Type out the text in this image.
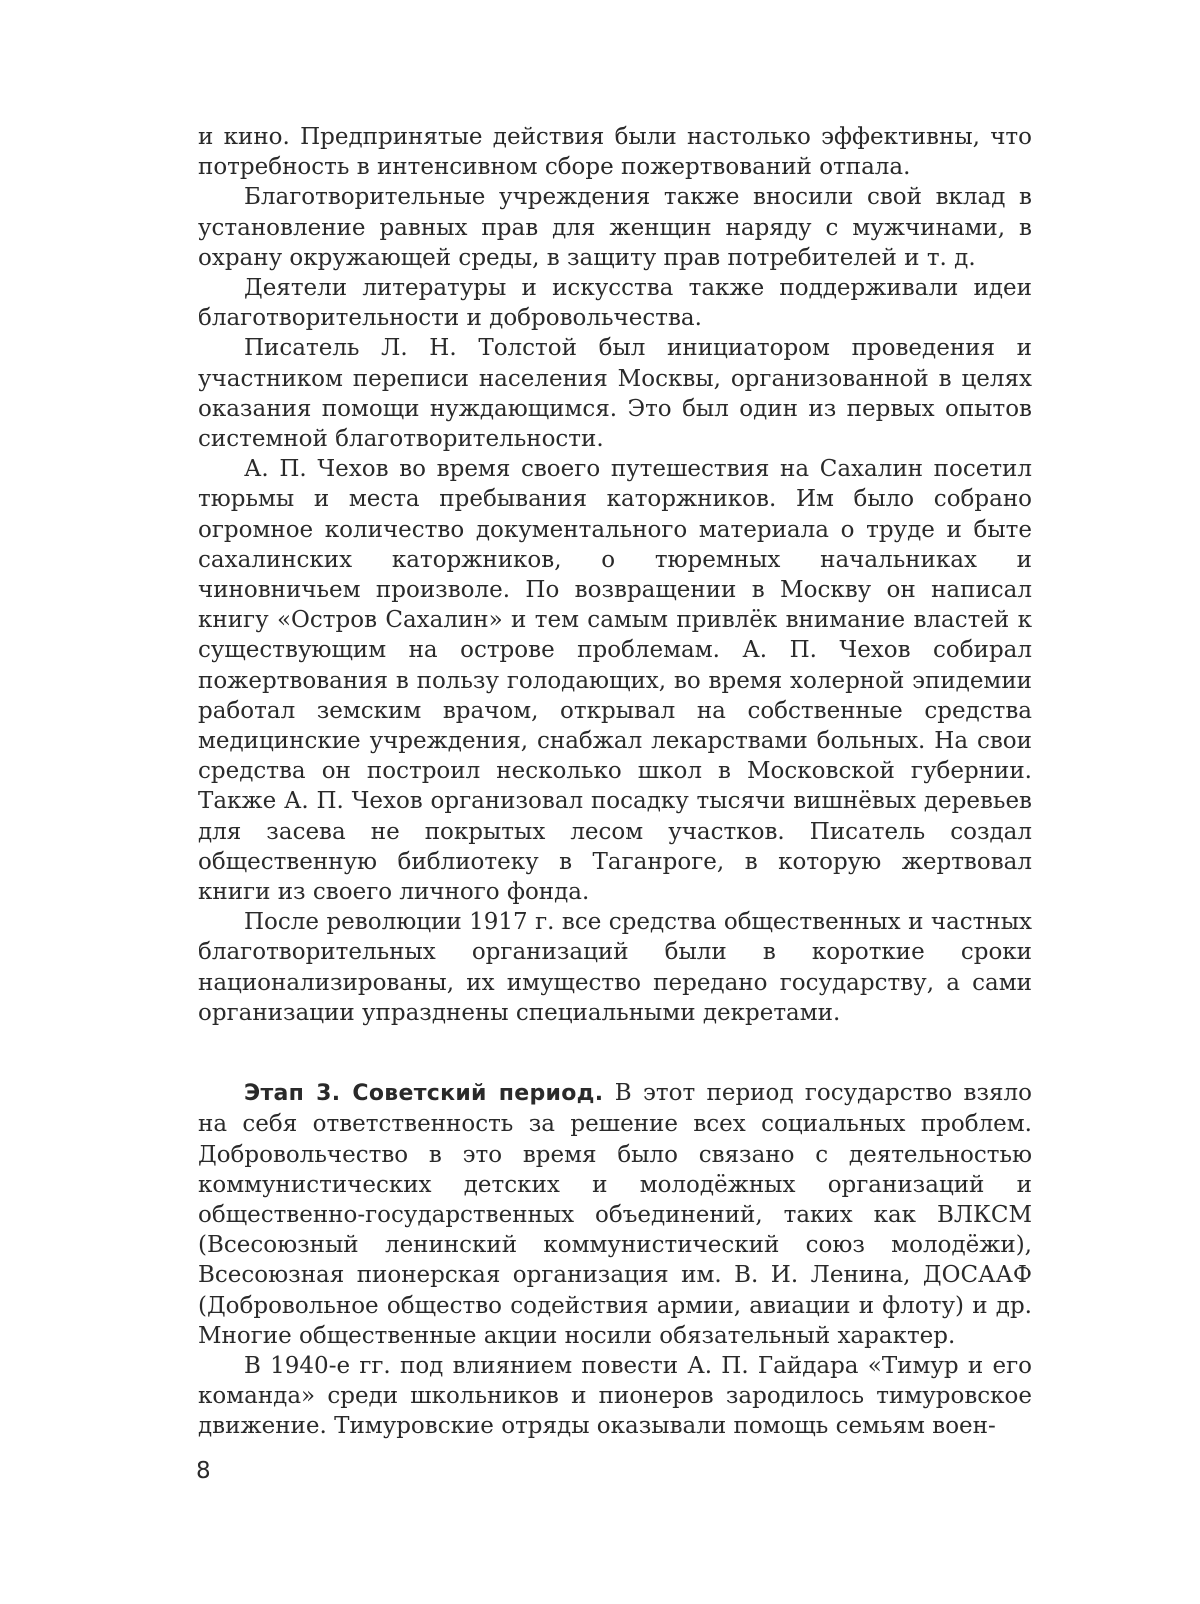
и кино. Предпринятые действия были настолько эффективны, что потребность в интенсивном сборе пожертвований отпала.

Благотворительные учреждения также вносили свой вклад в установление равных прав для женщин наряду с мужчинами, в охрану окружающей среды, в защиту прав потребителей и т. д.

Деятели литературы и искусства также поддерживали идеи благотворительности и добровольчества.

Писатель Л. Н. Толстой был инициатором проведения и участником переписи населения Москвы, организованной в целях оказания помощи нуждающимся. Это был один из первых опытов системной благотворительности.

А. П. Чехов во время своего путешествия на Сахалин посетил тюрьмы и места пребывания каторжников. Им было собрано огромное количество документального материала о труде и быте сахалинских каторжников, о тюремных начальниках и чиновничьем произволе. По возвращении в Москву он написал книгу «Остров Сахалин» и тем самым привлёк внимание властей к существующим на острове проблемам. А. П. Чехов собирал пожертвования в пользу голодающих, во время холерной эпидемии работал земским врачом, открывал на собственные средства медицинские учреждения, снабжал лекарствами больных. На свои средства он построил несколько школ в Московской губернии. Также А. П. Чехов организовал посадку тысячи вишнёвых деревьев для засева не покрытых лесом участков. Писатель создал общественную библиотеку в Таганроге, в которую жертвовал книги из своего личного фонда.

После революции 1917 г. все средства общественных и частных благотворительных организаций были в короткие сроки национализированы, их имущество передано государству, а сами организации упразднены специальными декретами.

Этап 3. Советский период. В этот период государство взяло на себя ответственность за решение всех социальных проблем. Добровольчество в это время было связано с деятельностью коммунистических детских и молодёжных организаций и общественно-государственных объединений, таких как ВЛКСМ (Всесоюзный ленинский коммунистический союз молодёжи), Всесоюзная пионерская организация им. В. И. Ленина, ДОСААФ (Добровольное общество содействия армии, авиации и флоту) и др. Многие общественные акции носили обязательный характер.

В 1940-е гг. под влиянием повести А. П. Гайдара «Тимур и его команда» среди школьников и пионеров зародилось тимуровское движение. Тимуровские отряды оказывали помощь семьям воен-

8
